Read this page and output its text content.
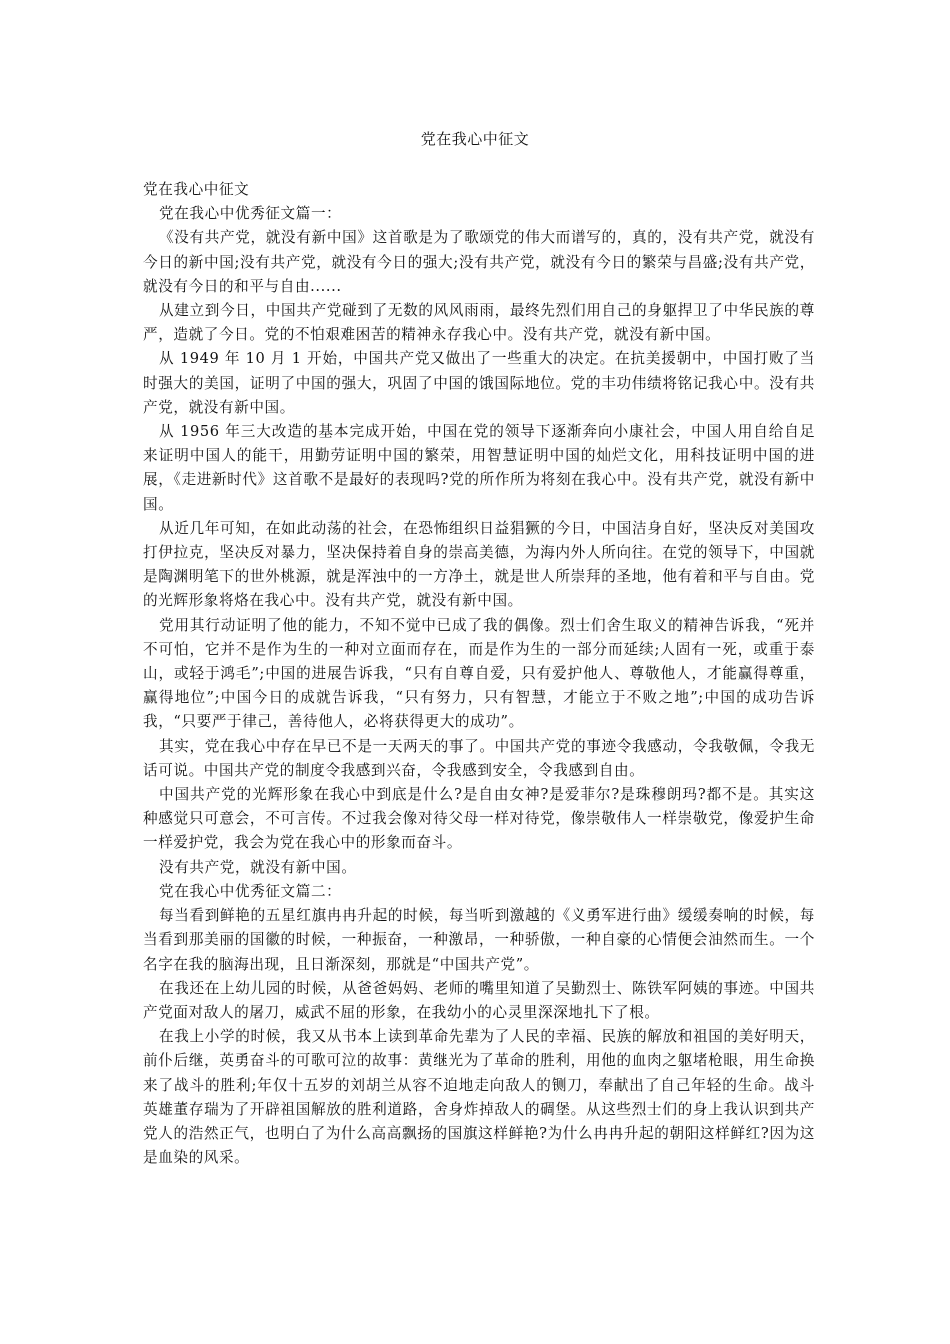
党在我心中征文

党在我心中征文

党在我心中优秀征文篇一：

《没有共产党，就没有新中国》这首歌是为了歌颂党的伟大而谱写的，真的，没有共产党，就没有今日的新中国;没有共产党，就没有今日的强大;没有共产党，就没有今日的繁荣与昌盛;没有共产党，就没有今日的和平与自由......

从建立到今日，中国共产党碰到了无数的风风雨雨，最终先烈们用自己的身躯捍卫了中华民族的尊严，造就了今日。党的不怕艰难困苦的精神永存我心中。没有共产党，就没有新中国。

从 1949 年 10 月 1 开始，中国共产党又做出了一些重大的决定。在抗美援朝中，中国打败了当时强大的美国，证明了中国的强大，巩固了中国的饿国际地位。党的丰功伟绩将铭记我心中。没有共产党，就没有新中国。

从 1956 年三大改造的基本完成开始，中国在党的领导下逐渐奔向小康社会，中国人用自给自足来证明中国人的能干，用勤劳证明中国的繁荣，用智慧证明中国的灿烂文化，用科技证明中国的进展，《走进新时代》这首歌不是最好的表现吗?党的所作所为将刻在我心中。没有共产党，就没有新中国。

从近几年可知，在如此动荡的社会，在恐怖组织日益猖獗的今日，中国洁身自好，坚决反对美国攻打伊拉克，坚决反对暴力，坚决保持着自身的崇高美德，为海内外人所向往。在党的领导下，中国就是陶渊明笔下的世外桃源，就是浑浊中的一方净土，就是世人所崇拜的圣地，他有着和平与自由。党的光辉形象将烙在我心中。没有共产党，就没有新中国。

党用其行动证明了他的能力，不知不觉中已成了我的偶像。烈士们舍生取义的精神告诉我，“死并不可怕，它并不是作为生的一种对立面而存在，而是作为生的一部分而延续;人固有一死，或重于泰山，或轻于鸿毛”;中国的进展告诉我，“只有自尊自爱，只有爱护他人、尊敬他人，才能赢得尊重，赢得地位”;中国今日的成就告诉我，“只有努力，只有智慧，才能立于不败之地”;中国的成功告诉我，“只要严于律己，善待他人，必将获得更大的成功”。

其实，党在我心中存在早已不是一天两天的事了。中国共产党的事迹令我感动，令我敬佩，令我无话可说。中国共产党的制度令我感到兴奋，令我感到安全，令我感到自由。

中国共产党的光辉形象在我心中到底是什么?是自由女神?是爱菲尔?是珠穆朗玛?都不是。其实这种感觉只可意会，不可言传。不过我会像对待父母一样对待党，像崇敬伟人一样崇敬党，像爱护生命一样爱护党，我会为党在我心中的形象而奋斗。

没有共产党，就没有新中国。

党在我心中优秀征文篇二：

每当看到鲜艳的五星红旗冉冉升起的时候，每当听到激越的《义勇军进行曲》缓缓奏响的时候，每当看到那美丽的国徽的时候，一种振奋，一种激昂，一种骄傲，一种自豪的心情便会油然而生。一个名字在我的脑海出现，且日渐深刻，那就是“中国共产党”。

在我还在上幼儿园的时候，从爸爸妈妈、老师的嘴里知道了吴勤烈士、陈铁军阿姨的事迹。中国共产党面对敌人的屠刀，威武不屈的形象，在我幼小的心灵里深深地扎下了根。

在我上小学的时候，我又从书本上读到革命先辈为了人民的幸福、民族的解放和祖国的美好明天，前仆后继，英勇奋斗的可歌可泣的故事：黄继光为了革命的胜利，用他的血肉之躯堵枪眼，用生命换来了战斗的胜利;年仅十五岁的刘胡兰从容不迫地走向敌人的铡刀，奉献出了自己年轻的生命。战斗英雄董存瑞为了开辟祖国解放的胜利道路，舍身炸掉敌人的碉堡。从这些烈士们的身上我认识到共产党人的浩然正气，也明白了为什么高高飘扬的国旗这样鲜艳?为什么冉冉升起的朝阳这样鲜红?因为这是血染的风采。
